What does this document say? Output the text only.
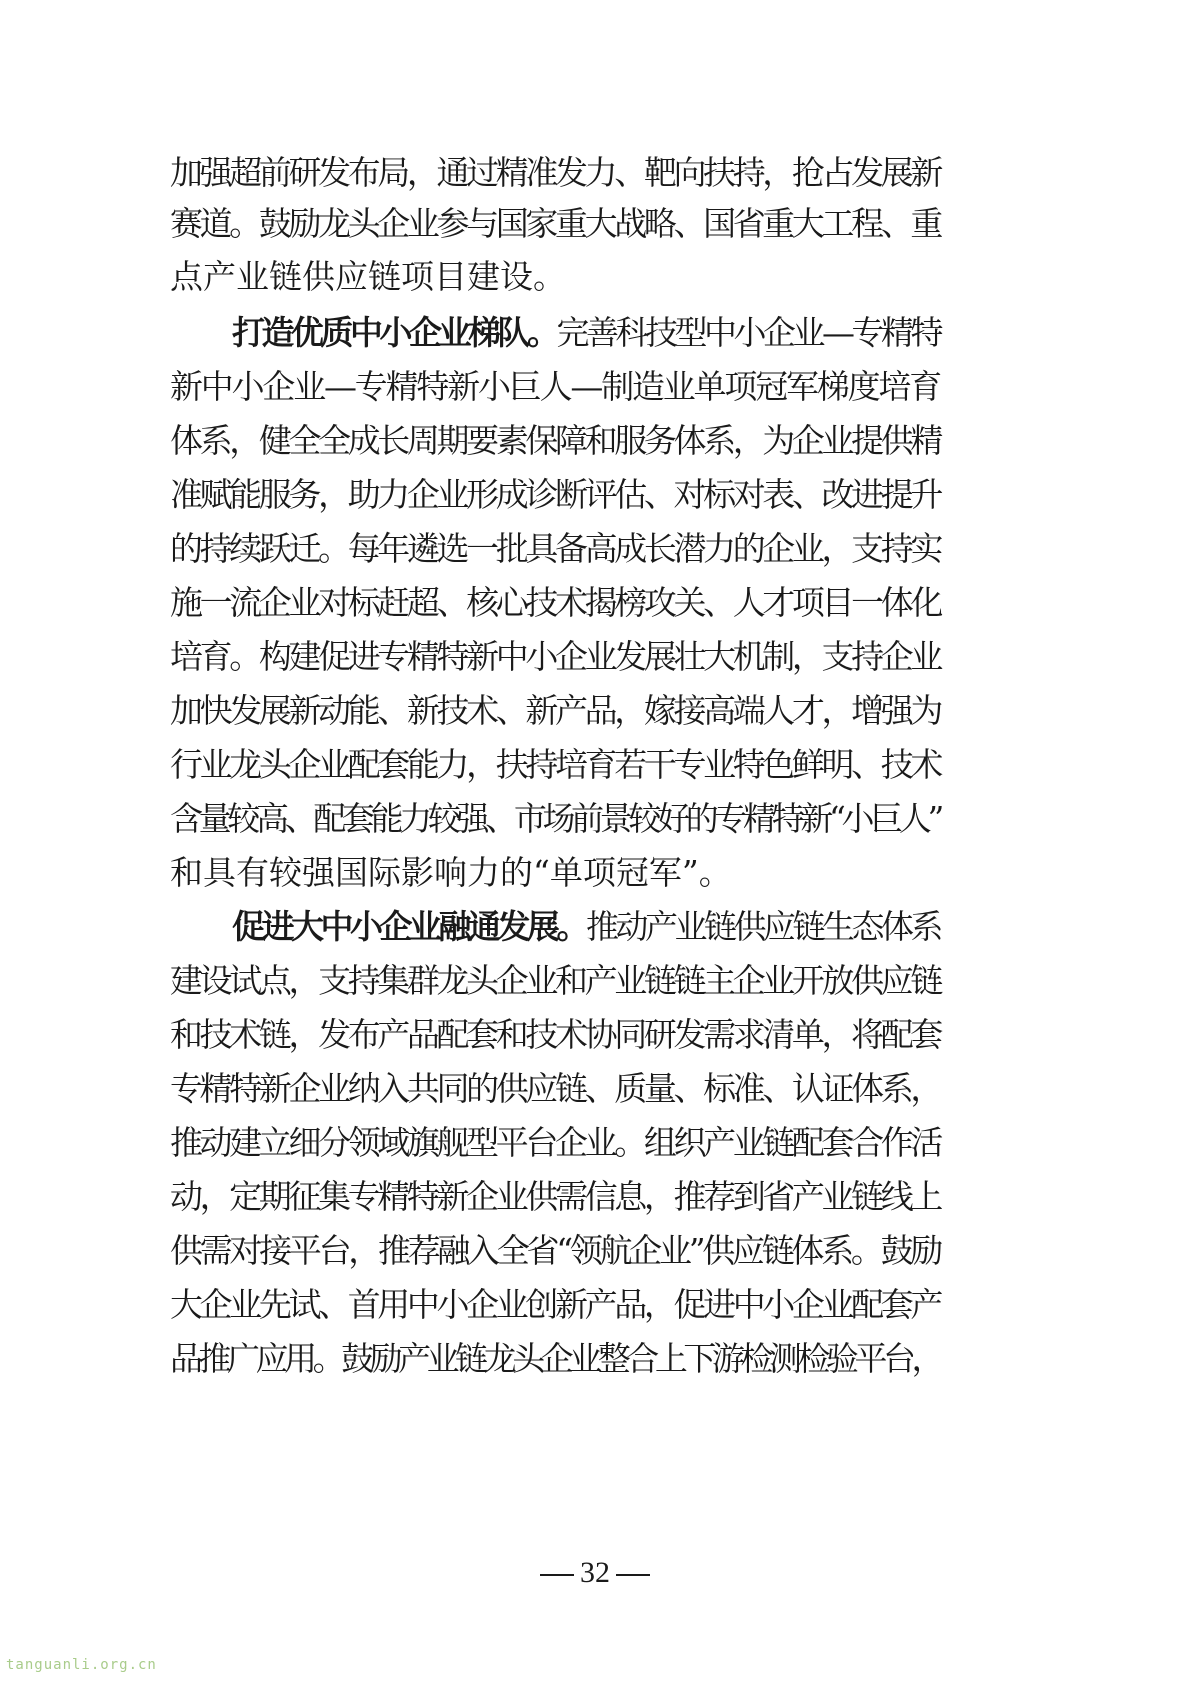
加强超前研发布局，通过精准发力、靶向扶持，抢占发展新
赛道。鼓励龙头企业参与国家重大战略、国省重大工程、重
点产业链供应链项目建设。
打造优质中小企业梯队。完善科技型中小企业—专精特
新中小企业—专精特新小巨人—制造业单项冠军梯度培育
体系，健全全成长周期要素保障和服务体系，为企业提供精
准赋能服务，助力企业形成诊断评估、对标对表、改进提升
的持续跃迁。每年遴选一批具备高成长潜力的企业，支持实
施一流企业对标赶超、核心技术揭榜攻关、人才项目一体化
培育。构建促进专精特新中小企业发展壮大机制，支持企业
加快发展新动能、新技术、新产品，嫁接高端人才，增强为
行业龙头企业配套能力，扶持培育若干专业特色鲜明、技术
含量较高、配套能力较强、市场前景较好的专精特新“小巨人”
和具有较强国际影响力的“单项冠军”。
促进大中小企业融通发展。推动产业链供应链生态体系
建设试点，支持集群龙头企业和产业链链主企业开放供应链
和技术链，发布产品配套和技术协同研发需求清单，将配套
专精特新企业纳入共同的供应链、质量、标准、认证体系，
推动建立细分领域旗舰型平台企业。组织产业链配套合作活
动，定期征集专精特新企业供需信息，推荐到省产业链线上
供需对接平台，推荐融入全省“领航企业”供应链体系。鼓励
大企业先试、首用中小企业创新产品，促进中小企业配套产
品推广应用。鼓励产业链龙头企业整合上下游检测检验平台，
32
tanguanli.org.cn
